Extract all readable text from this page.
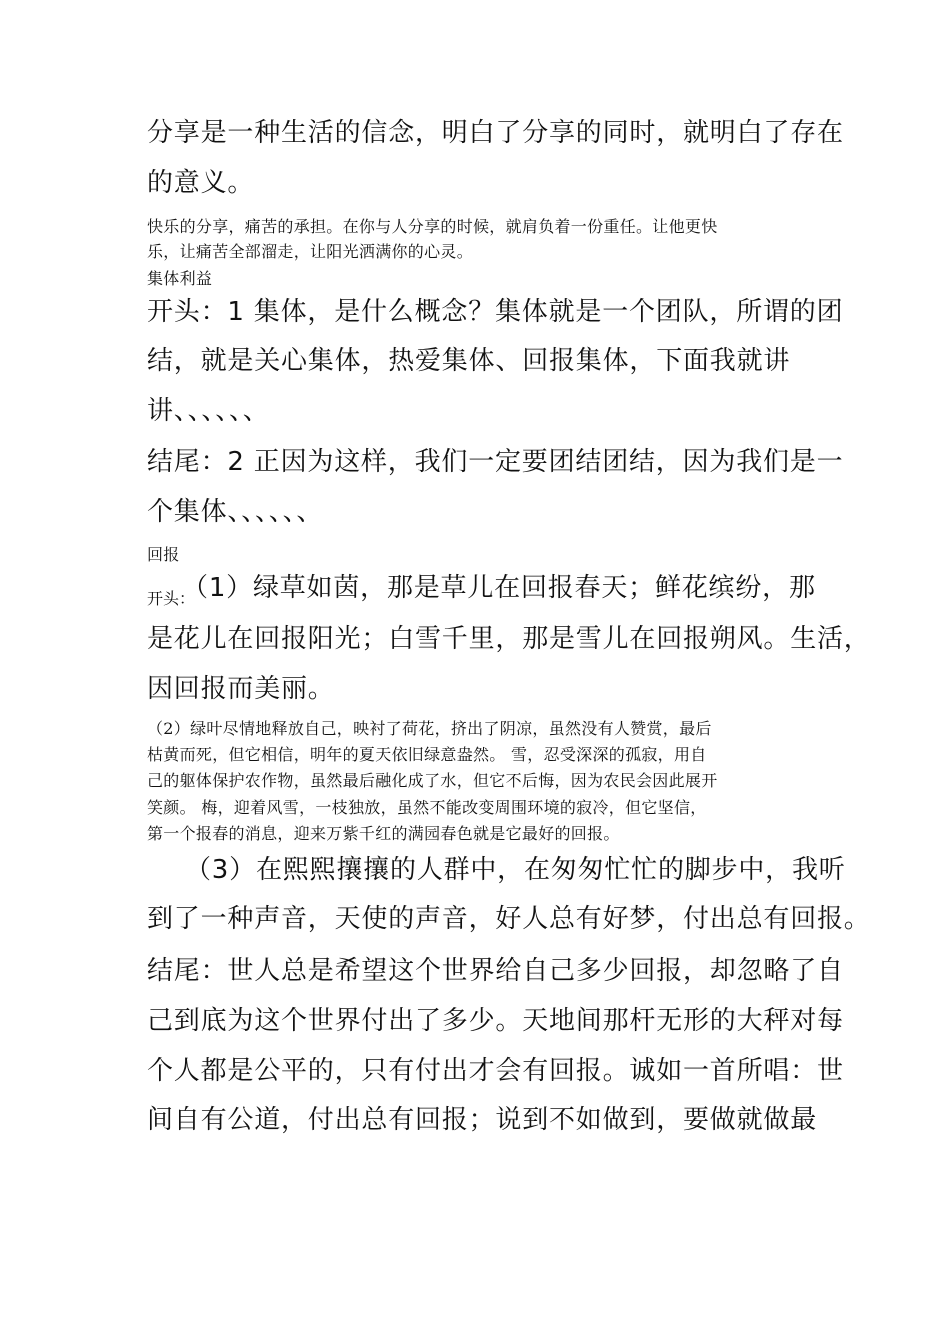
分享是一种生活的信念，明白了分享的同时，就明白了存在

的意义。

快乐的分享，痛苦的承担。在你与人分享的时候，就肩负着一份重任。让他更快

乐，让痛苦全部溜走，让阳光洒满你的心灵。

集体利益

开头：1 集体，是什么概念？集体就是一个团队，所谓的团

结，就是关心集体，热爱集体、回报集体，下面我就讲

讲、、、、、、

结尾：2 正因为这样，我们一定要团结团结，因为我们是一

个集体、、、、、、

回报

开头：（1）绿草如茵，那是草儿在回报春天；鲜花缤纷，那

是花儿在回报阳光；白雪千里，那是雪儿在回报朔风。生活，

因回报而美丽。

（2）绿叶尽情地释放自己，映衬了荷花，挤出了阴凉，虽然没有人赞赏，最后

枯黄而死，但它相信，明年的夏天依旧绿意盎然。 雪，忍受深深的孤寂，用自

己的躯体保护农作物，虽然最后融化成了水，但它不后悔，因为农民会因此展开

笑颜。 梅，迎着风雪，一枝独放，虽然不能改变周围环境的寂冷，但它坚信，

第一个报春的消息，迎来万紫千红的满园春色就是它最好的回报。

（3）在熙熙攘攘的人群中，在匆匆忙忙的脚步中，我听

到了一种声音，天使的声音，好人总有好梦，付出总有回报。

结尾：世人总是希望这个世界给自己多少回报，却忽略了自

己到底为这个世界付出了多少。天地间那杆无形的大秤对每

个人都是公平的，只有付出才会有回报。诚如一首所唱：世

间自有公道，付出总有回报；说到不如做到，要做就做最
